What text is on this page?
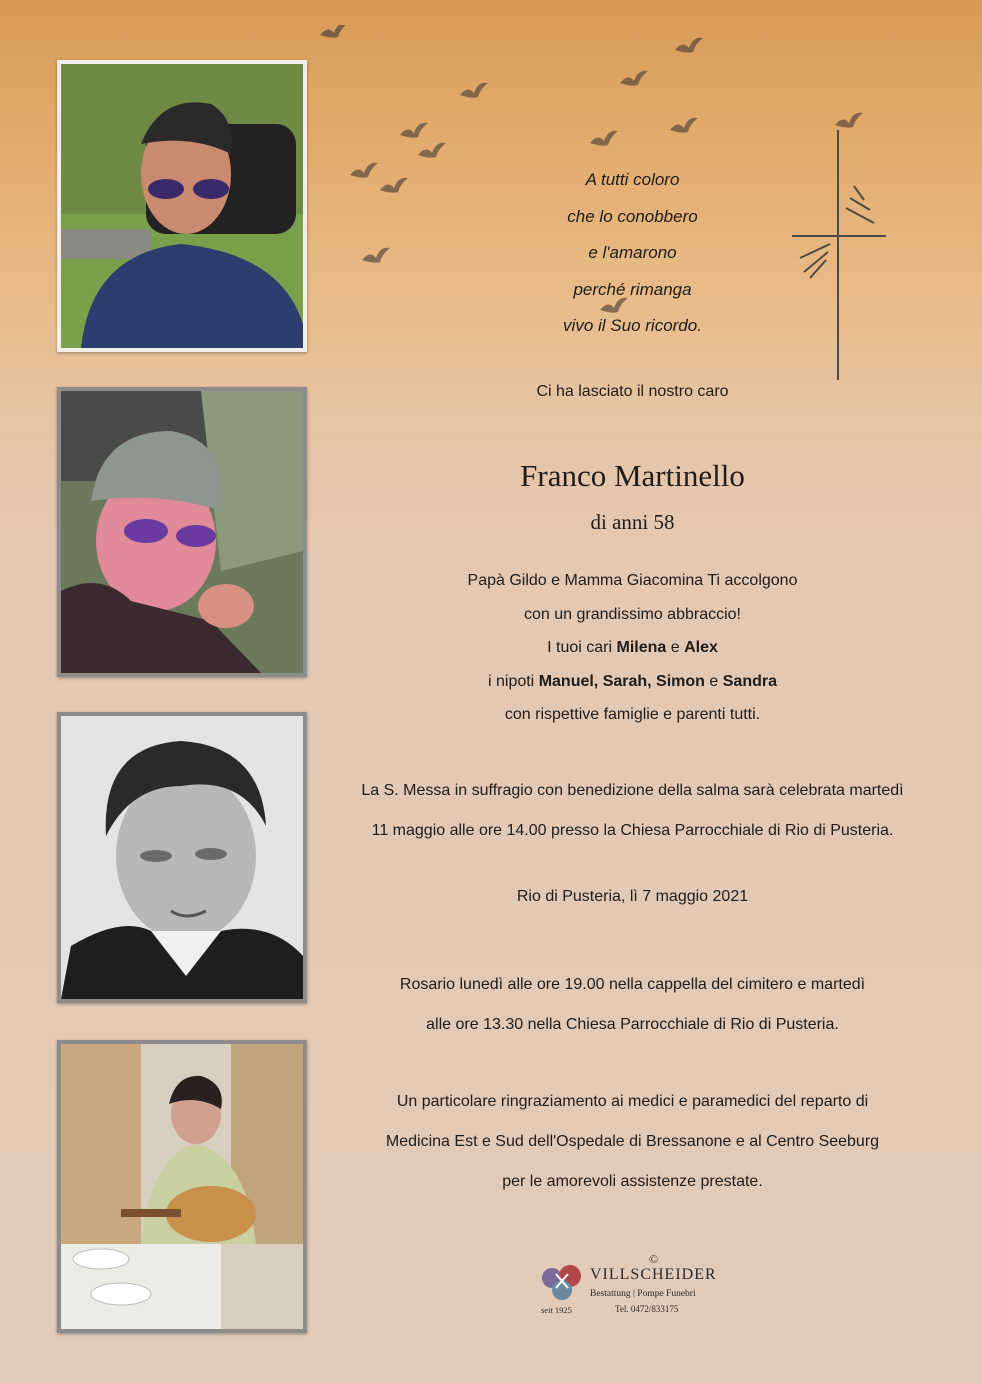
A tutti coloro
che lo conobbero
e l'amarono
perché rimanga
vivo il Suo ricordo.
Ci ha lasciato il nostro caro
Franco Martinello
di anni 58
Papà Gildo e Mamma Giacomina Ti accolgono
con un grandissimo abbraccio!
I tuoi cari Milena e Alex
i nipoti Manuel, Sarah, Simon e Sandra
con rispettive famiglie e parenti tutti.
La S. Messa in suffragio con benedizione della salma sarà celebrata martedì
11 maggio alle ore 14.00 presso la Chiesa Parrocchiale di Rio di Pusteria.
Rio di Pusteria, lì 7 maggio 2021
Rosario lunedì alle ore 19.00 nella cappella del cimitero e martedì
alle ore 13.30 nella Chiesa Parrocchiale di Rio di Pusteria.
Un particolare ringraziamento ai medici e paramedici del reparto di
Medicina Est e Sud dell'Ospedale di Bressanone e al Centro Seeburg
per le amorevoli assistenze prestate.
©
VILLSCHEIDER
Bestattung | Pompe Funebri
seit 1925	Tel. 0472/833175
